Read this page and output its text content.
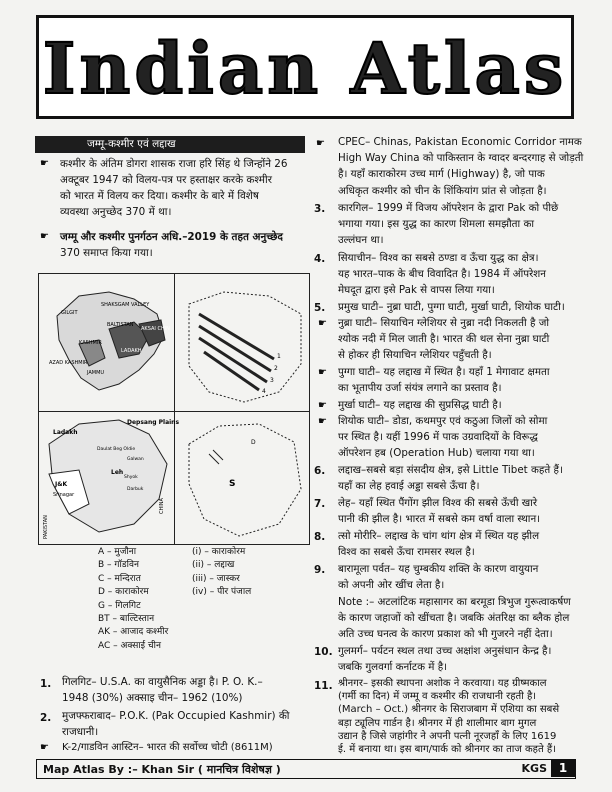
Indian Atlas
जम्मू-कश्मीर एवं लद्दाख
☛ कश्मीर के अंतिम डोगरा शासक राजा हरि सिंह थे जिन्होंने 26
अक्टूबर 1947 को विलय-पत्र पर हस्ताक्षर करके कश्मीर
को भारत में विलय कर दिया। कश्मीर के बारे में विशेष
व्यवस्था अनुच्छेद 370 में था।
☛ जम्मू और कश्मीर पुनर्गठन अधि.–2019 के तहत अनुच्छेद
370 समाप्त किया गया।
GILGIT
SHAKSGAM VALLEY
BALTISTAN
AKSAI CHIN
KASHMIR
LADAKH
AZAD KASHMIR
JAMMU
1
2
3
4
Ladakh
Depsang Plains
Daulat Beg Oldie
Galwan
Leh
Shyok
Darbuk
J&K
Srinagar
PAKISTAN
CHINA
D
S
A – मुजौना
B – गॉडविन
C – मन्दिरात
D – काराकोरम
G – गिलगिट
BT – बाल्टिस्तान
AK – आजाद कश्मीर
AC – अक्साई चीन
(i) – काराकोरम
(ii) – लद्दाख
(iii) – जास्कर
(iv) – पीर पंजाल
1. गिलगिट– U.S.A. का वायुसैनिक अड्डा है। P. O. K.–
1948 (30%) अक्साइ चीन– 1962 (10%)
2. मुजफ्फराबाद– P.O.K. (Pak Occupied Kashmir) की
राजधानी।
☛ K-2/गाडविन आस्टिन– भारत की सर्वोच्च चोटी (8611M)
☛ CPEC– Chinas, Pakistan Economic Corridor नामक
High Way China को पाकिस्तान के ग्वादर बन्दरगाह से जोड़ती
है। यहाँ काराकोरम उच्च मार्ग (Highway) है, जो पाक
अधिकृत कश्मीर को चीन के शिंकियांग प्रांत से जोड़ता है।
3. कारगिल– 1999 में विजय ऑपरेशन के द्वारा Pak को पीछे
भगाया गया। इस युद्ध का कारण शिमला समझौता का
उल्लंघन था।
4. सियाचीन– विश्व का सबसे ठण्डा व ऊँचा युद्ध का क्षेत्र।
यह भारत–पाक के बीच विवादित है। 1984 में ऑपरेशन
मेघदूत द्वारा इसे Pak से वापस लिया गया।
5. प्रमुख घाटी– नुब्रा घाटी, पुग्गा घाटी, मुर्खा घाटी, शियोक घाटी।
☛ नुब्रा घाटी– सियाचिन ग्लेशियर से नुब्रा नदी निकलती है जो
श्योक नदी में मिल जाती है। भारत की थल सेना नुब्रा घाटी
से होकर ही सियाचिन ग्लेशियर पहुँचती है।
☛ पुग्गा घाटी– यह लद्दाख में स्थित है। यहाँ 1 मेगावाट क्षमता
का भूतापीय उर्जा संयंत्र लगाने का प्रस्ताव है।
☛ मुर्खा घाटी– यह लद्दाख की सुप्रसिद्ध घाटी है।
☛ शियोक घाटी– डोडा, कथमपुर एवं कठुआ जिलों को सोमा
पर स्थित है। यहीं 1996 में पाक उग्रवादियों के विरूद्ध
ऑपरेशन हब (Operation Hub) चलाया गया था।
6. लद्दाख–सबसे बड़ा संसदीय क्षेत्र, इसे Little Tibet कहते हैं।
यहाँ का लेह हवाई अड्डा सबसे ऊँचा है।
7. लेह– यहाँ स्थित पैंगोंग झील विश्व की सबसे ऊँची खारे
पानी की झील है। भारत में सबसे कम वर्षा वाला स्थान।
8. त्सो मोरीरि– लद्दाख के चांग थांग क्षेत्र में स्थित यह झील
विश्व का सबसे ऊँचा रामसर स्थल है।
9. बारामूला पर्वत– यह चुम्बकीय शक्ति के कारण वायुयान
को अपनी ओर खींच लेता है।
Note :– अटलांटिक महासागर का बरमूडा त्रिभुज गुरूत्वाकर्षण
के कारण जहाजों को खींचता है। जबकि अंतरिक्ष का ब्लैक होल
अति उच्च घनत्व के कारण प्रकाश को भी गुजरने नहीं देता।
10. गुलमर्ग– पर्यटन स्थल तथा उच्च अक्षांश अनुसंधान केन्द्र है।
जबकि गुलवर्गा कर्नाटक में है।
11. श्रीनगर– इसकी स्थापना अशोक ने करवाया। यह ग्रीष्मकाल
(गर्मी का दिन) में जम्मू व कश्मीर की राजधानी रहती है।
(March – Oct.) श्रीनगर के सिराजबाग में एशिया का सबसे
बड़ा ट्यूलिप गार्डन है। श्रीनगर में ही शालीमार बाग मुगल
उद्यान है जिसे जहांगीर ने अपनी पत्नी नूरजहाँ के लिए 1619
ई. में बनाया था। इस बाग/पार्क को श्रीनगर का ताज कहते हैं।
Map Atlas By :– Khan Sir ( मानचित्र विशेषज्ञ )	KGS 1
